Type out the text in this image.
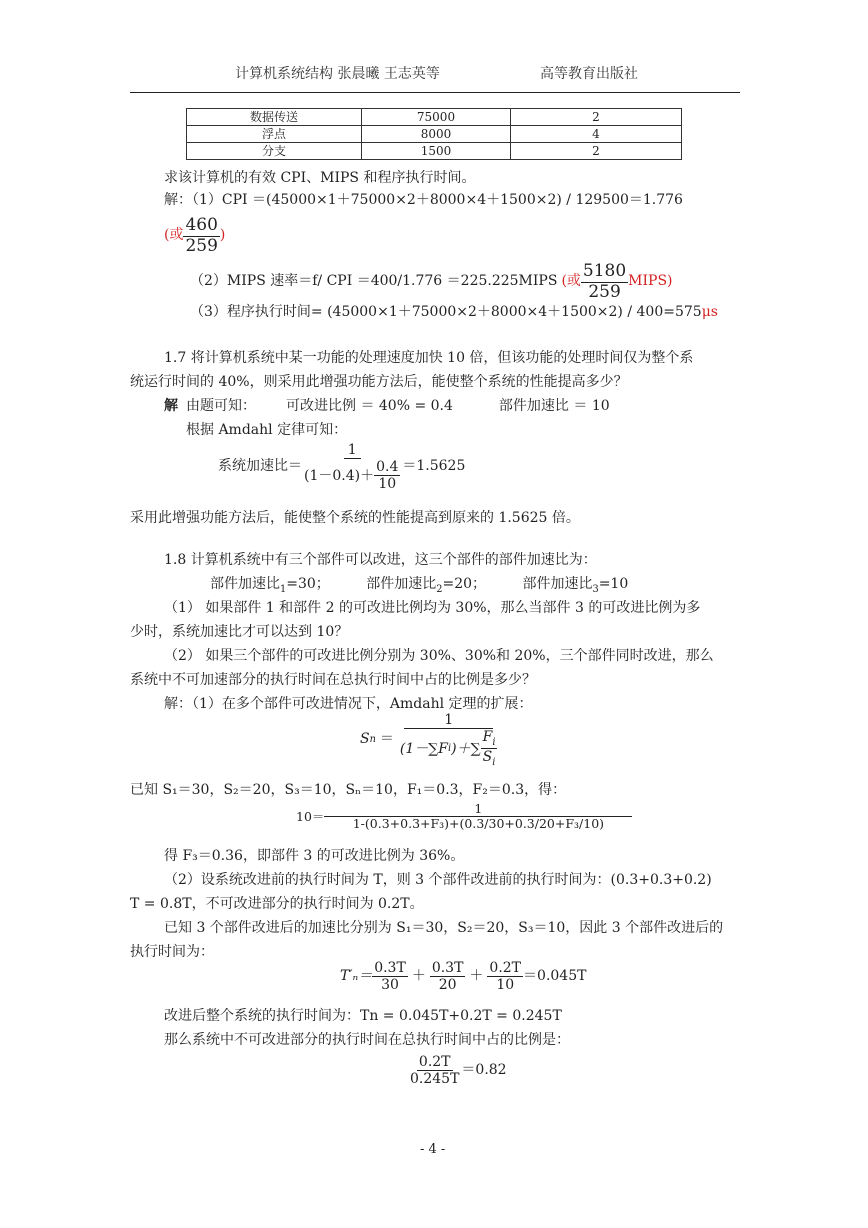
计算机系统结构 张晨曦 王志英等	高等教育出版社
数据传送	75000	2
浮点	8000	4
分支	1500	2
求该计算机的有效 CPI、MIPS 和程序执行时间。
解：（1）CPI ＝(45000×1＋75000×2＋8000×4＋1500×2) / 129500＝1.776
(或 $\frac{460}{259}$ )
（2）MIPS 速率＝f/ CPI ＝400/1.776 ＝225.225MIPS (或 $\frac{5180}{259}$ MIPS)
（3）程序执行时间= (45000×1＋75000×2＋8000×4＋1500×2) / 400=575μs
1.7 将计算机系统中某一功能的处理速度加快 10 倍，但该功能的处理时间仅为整个系
统运行时间的 40%，则采用此增强功能方法后，能使整个系统的性能提高多少？
解 由题可知： 可改进比例 ＝ 40% = 0.4	部件加速比 ＝ 10
根据 Amdahl 定律可知：
系统加速比＝ $\frac{1}{(1-0.4)+ \frac{0.4}{10}} =1.5625$
采用此增强功能方法后，能使整个系统的性能提高到原来的 1.5625 倍。
1.8 计算机系统中有三个部件可以改进，这三个部件的部件加速比为：
部件加速比$_1$=30；	部件加速比$_2$=20；	部件加速比$_3$=10
（1） 如果部件 1 和部件 2 的可改进比例均为 30%，那么当部件 3 的可改进比例为多
少时，系统加速比才可以达到 10？
（2） 如果三个部件的可改进比例分别为 30%、30%和 20%，三个部件同时改进，那么
系统中不可加速部分的执行时间在总执行时间中占的比例是多少？
解：（1）在多个部件可改进情况下，Amdahl 定理的扩展：
S $n = \frac{1}{(1-\sum F i )+\sum \frac{F_i}{S_i}}$
已知 S₁＝30，S₂＝20，S₃＝10，Sₙ＝10，F₁＝0.3，F₂＝0.3，得：
$10= \frac{1}{\text{1-(0.3+0.3+F₃)+(0.3/30+0.3/20+F₃/10)}}$
得 F₃＝0.36，即部件 3 的可改进比例为 36%。
（2）设系统改进前的执行时间为 T，则 3 个部件改进前的执行时间为：(0.3+0.3+0.2)
T = 0.8T，不可改进部分的执行时间为 0.2T。
已知 3 个部件改进后的加速比分别为 S₁＝30，S₂＝20，S₃＝10，因此 3 个部件改进后的
执行时间为：
$T'_n= \frac{0.3T}{30} + \frac{0.3T}{20} + \frac{0.2T}{10} =0.045T$
改进后整个系统的执行时间为：Tn = 0.045T+0.2T = 0.245T
那么系统中不可改进部分的执行时间在总执行时间中占的比例是：
$\frac{0.2T}{0.245T} =0.82$
- 4 -
